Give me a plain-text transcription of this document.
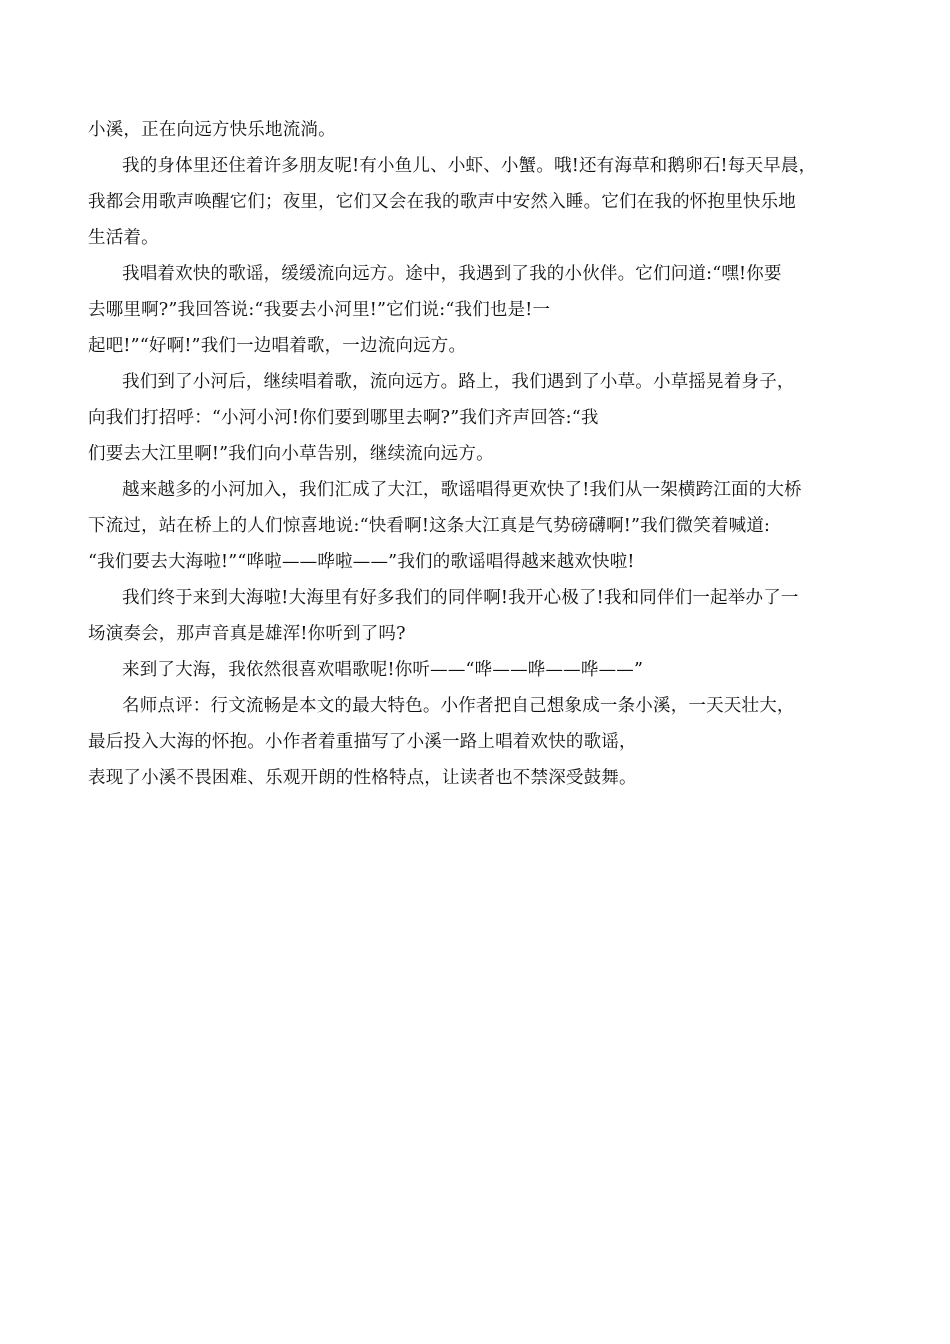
小溪，正在向远方快乐地流淌。
我的身体里还住着许多朋友呢!有小鱼儿、小虾、小蟹。哦!还有海草和鹅卵石!每天早晨，
我都会用歌声唤醒它们；夜里，它们又会在我的歌声中安然入睡。它们在我的怀抱里快乐地
生活着。
我唱着欢快的歌谣，缓缓流向远方。途中，我遇到了我的小伙伴。它们问道:“嘿!你要
去哪里啊?”我回答说:“我要去小河里!”它们说:“我们也是!一
起吧!”“好啊!”我们一边唱着歌，一边流向远方。
我们到了小河后，继续唱着歌，流向远方。路上，我们遇到了小草。小草摇晃着身子，
向我们打招呼：“小河小河!你们要到哪里去啊?”我们齐声回答:“我
们要去大江里啊!”我们向小草告别，继续流向远方。
越来越多的小河加入，我们汇成了大江，歌谣唱得更欢快了!我们从一架横跨江面的大桥
下流过，站在桥上的人们惊喜地说:“快看啊!这条大江真是气势磅礴啊!”我们微笑着喊道:
“我们要去大海啦!”“哗啦——哗啦——”我们的歌谣唱得越来越欢快啦!
我们终于来到大海啦!大海里有好多我们的同伴啊!我开心极了!我和同伴们一起举办了一
场演奏会，那声音真是雄浑!你听到了吗?
来到了大海，我依然很喜欢唱歌呢!你听——“哗——哗——哗——”
名师点评：行文流畅是本文的最大特色。小作者把自己想象成一条小溪，一天天壮大，
最后投入大海的怀抱。小作者着重描写了小溪一路上唱着欢快的歌谣，
表现了小溪不畏困难、乐观开朗的性格特点，让读者也不禁深受鼓舞。
